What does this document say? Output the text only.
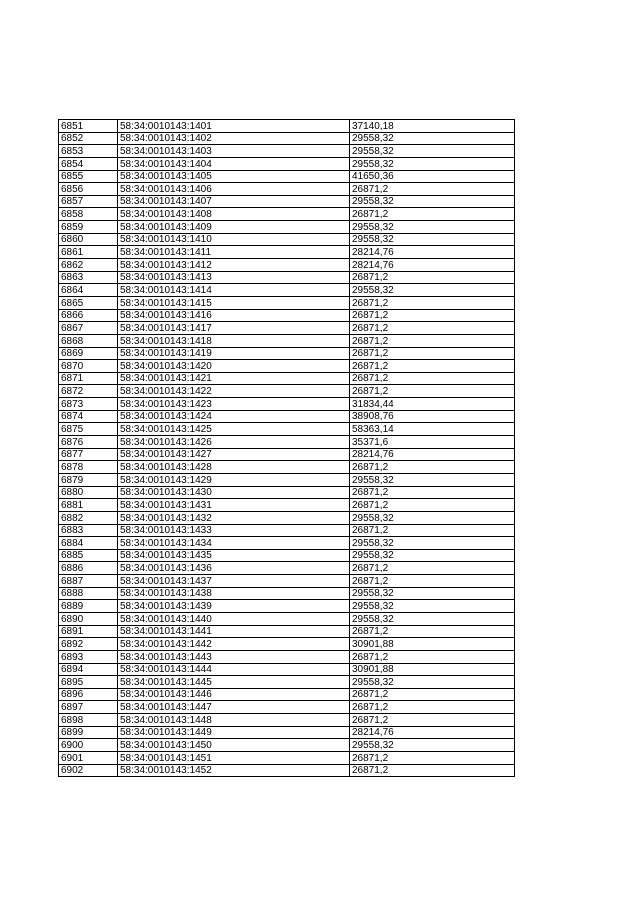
6851	58:34:0010143:1401	37140,18
6852	58:34:0010143:1402	29558,32
6853	58:34:0010143:1403	29558,32
6854	58:34:0010143:1404	29558,32
6855	58:34:0010143:1405	41650,36
6856	58:34:0010143:1406	26871,2
6857	58:34:0010143:1407	29558,32
6858	58:34:0010143:1408	26871,2
6859	58:34:0010143:1409	29558,32
6860	58:34:0010143:1410	29558,32
6861	58:34:0010143:1411	28214,76
6862	58:34:0010143:1412	28214,76
6863	58:34:0010143:1413	26871,2
6864	58:34:0010143:1414	29558,32
6865	58:34:0010143:1415	26871,2
6866	58:34:0010143:1416	26871,2
6867	58:34:0010143:1417	26871,2
6868	58:34:0010143:1418	26871,2
6869	58:34:0010143:1419	26871,2
6870	58:34:0010143:1420	26871,2
6871	58:34:0010143:1421	26871,2
6872	58:34:0010143:1422	26871,2
6873	58:34:0010143:1423	31834,44
6874	58:34:0010143:1424	38908,76
6875	58:34:0010143:1425	58363,14
6876	58:34:0010143:1426	35371,6
6877	58:34:0010143:1427	28214,76
6878	58:34:0010143:1428	26871,2
6879	58:34:0010143:1429	29558,32
6880	58:34:0010143:1430	26871,2
6881	58:34:0010143:1431	26871,2
6882	58:34:0010143:1432	29558,32
6883	58:34:0010143:1433	26871,2
6884	58:34:0010143:1434	29558,32
6885	58:34:0010143:1435	29558,32
6886	58:34:0010143:1436	26871,2
6887	58:34:0010143:1437	26871,2
6888	58:34:0010143:1438	29558,32
6889	58:34:0010143:1439	29558,32
6890	58:34:0010143:1440	29558,32
6891	58:34:0010143:1441	26871,2
6892	58:34:0010143:1442	30901,88
6893	58:34:0010143:1443	26871,2
6894	58:34:0010143:1444	30901,88
6895	58:34:0010143:1445	29558,32
6896	58:34:0010143:1446	26871,2
6897	58:34:0010143:1447	26871,2
6898	58:34:0010143:1448	26871,2
6899	58:34:0010143:1449	28214,76
6900	58:34:0010143:1450	29558,32
6901	58:34:0010143:1451	26871,2
6902	58:34:0010143:1452	26871,2
